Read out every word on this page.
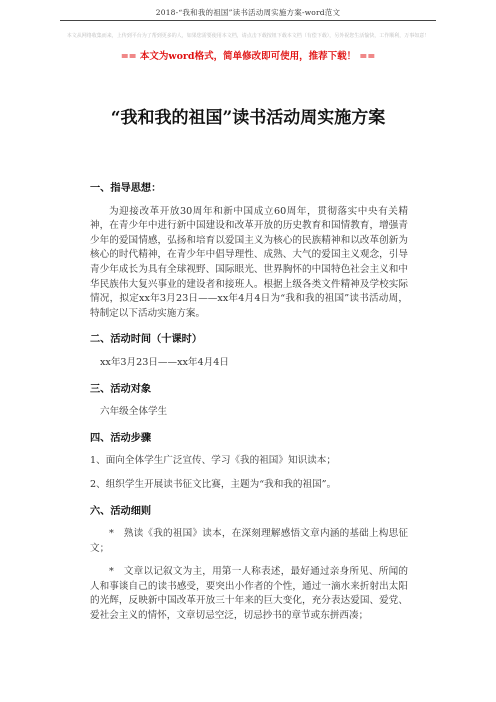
2018-“我和我的祖国”读书活动周实施方案-word范文
本文从网络收集而来，上传到平台为了帮到更多的人，如果您需要使用本文档，请点击下载按钮下载本文档（有偿下载），另外祝您生活愉快，工作顺利，万事如意！
== 本文为word格式，简单修改即可使用，推荐下载！ ==
“我和我的祖国”读书活动周实施方案
一、指导思想：
为迎接改革开放30周年和新中国成立60周年，贯彻落实中央有关精神，在青少年中进行新中国建设和改革开放的历史教育和国情教育，增强青少年的爱国情感，弘扬和培育以爱国主义为核心的民族精神和以改革创新为核心的时代精神，在青少年中倡导理性、成熟、大气的爱国主义观念，引导青少年成长为具有全球视野、国际眼光、世界胸怀的中国特色社会主义和中华民族伟大复兴事业的建设者和接班人。根据上级各类文件精神及学校实际情况，拟定xx年3月23日——xx年4月4日为“我和我的祖国”读书活动周，特制定以下活动实施方案。
二、活动时间（十课时）
xx年3月23日——xx年4月4日
三、活动对象
六年级全体学生
四、活动步骤
1、面向全体学生广泛宣传、学习《我的祖国》知识读本；
2、组织学生开展读书征文比赛，主题为“我和我的祖国”。
六、活动细则
*　熟读《我的祖国》读本，在深刻理解感悟文章内涵的基础上构思征文；
*　文章以记叙文为主，用第一人称表述，最好通过亲身所见、所闻的人和事谈自己的读书感受，要突出小作者的个性，通过一滴水来折射出太阳的光辉，反映新中国改革开放三十年来的巨大变化，充分表达爱国、爱党、爱社会主义的情怀，文章切忌空泛，切忌抄书的章节或东拼西凑；
